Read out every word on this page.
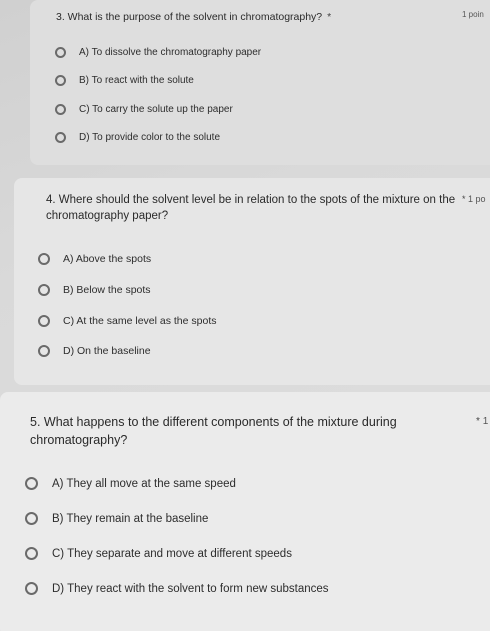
3. What is the purpose of the solvent in chromatography? *	1 poin
A) To dissolve the chromatography paper
B) To react with the solute
C) To carry the solute up the paper
D) To provide color to the solute
4. Where should the solvent level be in relation to the spots of the mixture on the chromatography paper?
* 1 po
A) Above the spots
B) Below the spots
C) At the same level as the spots
D) On the baseline
5. What happens to the different components of the mixture during chromatography?
* 1
A) They all move at the same speed
B) They remain at the baseline
C) They separate and move at different speeds
D) They react with the solvent to form new substances
